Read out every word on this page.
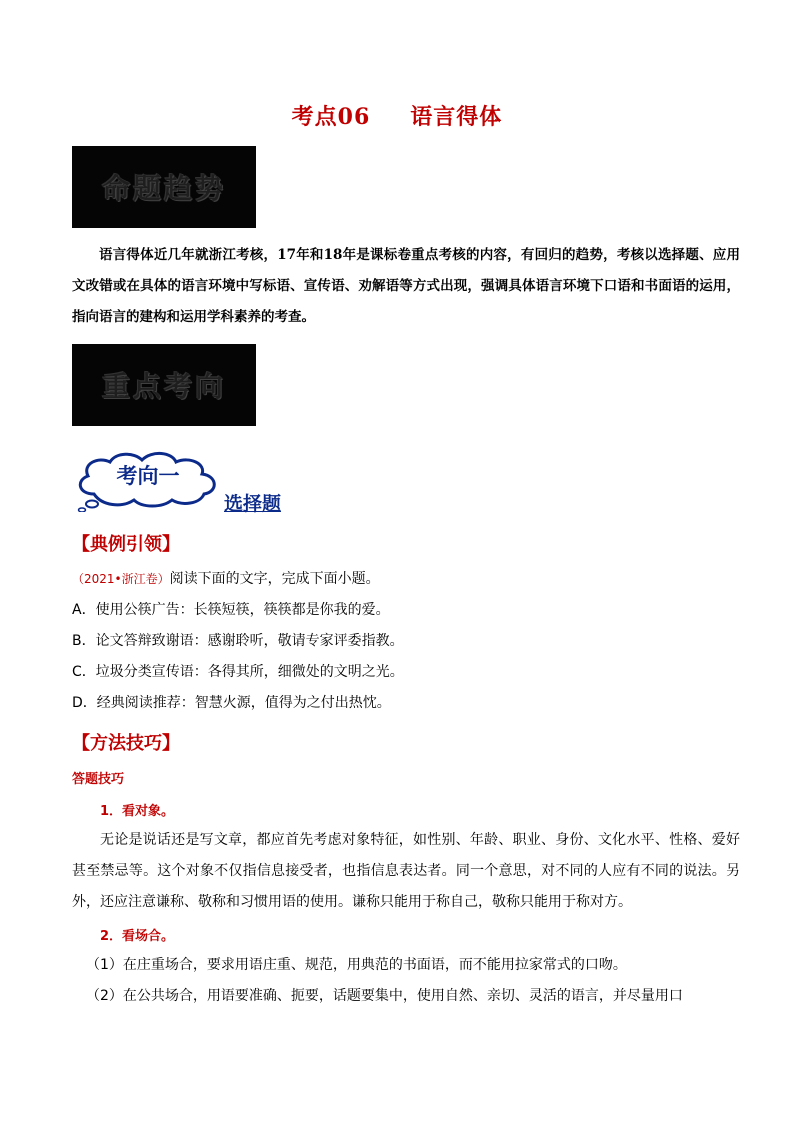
考点06 语言得体
命题趋势
语言得体近几年就浙江考核，17年和18年是课标卷重点考核的内容，有回归的趋势，考核以选择题、应用文改错或在具体的语言环境中写标语、宣传语、劝解语等方式出现，强调具体语言环境下口语和书面语的运用，指向语言的建构和运用学科素养的考查。
重点考向
考向一
选择题
【典例引领】
（2021•浙江卷）阅读下面的文字，完成下面小题。
A．使用公筷广告：长筷短筷，筷筷都是你我的爱。
B．论文答辩致谢语：感谢聆听，敬请专家评委指教。
C．垃圾分类宣传语：各得其所，细微处的文明之光。
D．经典阅读推荐：智慧火源，值得为之付出热忱。
【方法技巧】
答题技巧
1．看对象。
无论是说话还是写文章，都应首先考虑对象特征，如性别、年龄、职业、身份、文化水平、性格、爱好甚至禁忌等。这个对象不仅指信息接受者，也指信息表达者。同一个意思，对不同的人应有不同的说法。另外，还应注意谦称、敬称和习惯用语的使用。谦称只能用于称自己，敬称只能用于称对方。
2．看场合。
（1）在庄重场合，要求用语庄重、规范，用典范的书面语，而不能用拉家常式的口吻。
（2）在公共场合，用语要准确、扼要，话题要集中，使用自然、亲切、灵活的语言，并尽量用口
